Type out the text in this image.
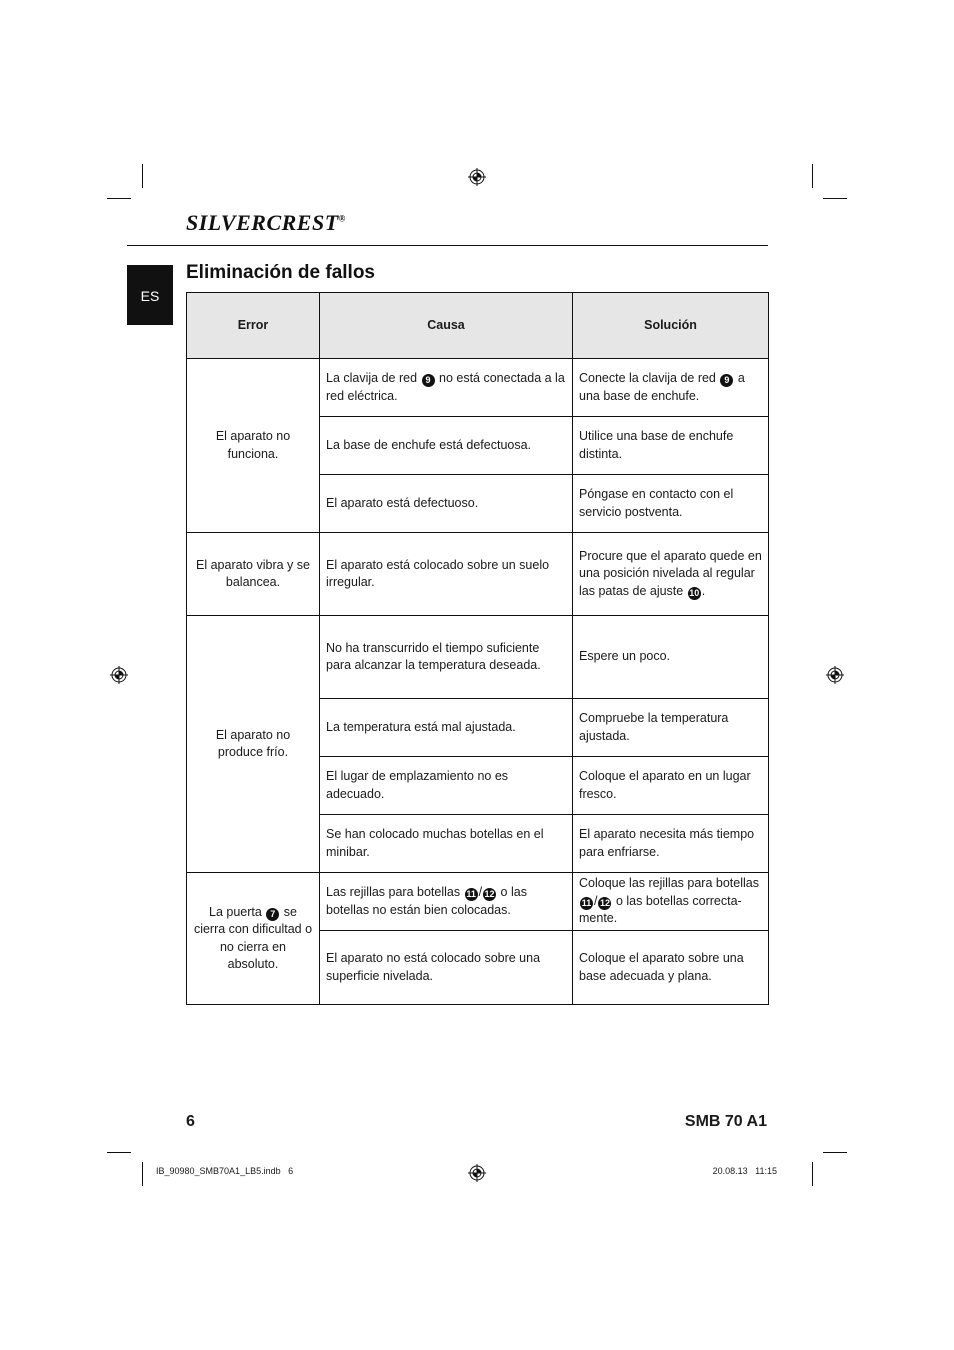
SILVERCREST®
ES
Eliminación de fallos
Error	Causa	Solución
El aparato no funciona.	La clavija de red 9 no está conectada a la red eléctrica.	Conecte la clavija de red 9 a una base de enchufe.
	La base de enchufe está defectuosa.	Utilice una base de enchufe distinta.
	El aparato está defectuoso.	Póngase en contacto con el servicio postventa.
El aparato vibra y se balancea.	El aparato está colocado sobre un suelo irregular.	Procure que el aparato quede en una posición nivelada al regular las patas de ajuste 10 .
El aparato no produce frío.	No ha transcurrido el tiempo suficiente para alcanzar la temperatura deseada.	Espere un poco.
	La temperatura está mal ajustada.	Compruebe la temperatura ajustada.
	El lugar de emplazamiento no es adecuado.	Coloque el aparato en un lugar fresco.
	Se han colocado muchas botellas en el minibar.	El aparato necesita más tiempo para enfriarse.
La puerta 7 se cierra con dificultad o no cierra en absoluto.	Las rejillas para botellas 11 / 12 o las botellas no están bien colocadas.	Coloque las rejillas para botellas 11 / 12 o las botellas correcta-mente.
	El aparato no está colocado sobre una superficie nivelada.	Coloque el aparato sobre una base adecuada y plana.
6	SMB 70 A1
IB_90980_SMB70A1_LB5.indb   6	20.08.13   11:15
